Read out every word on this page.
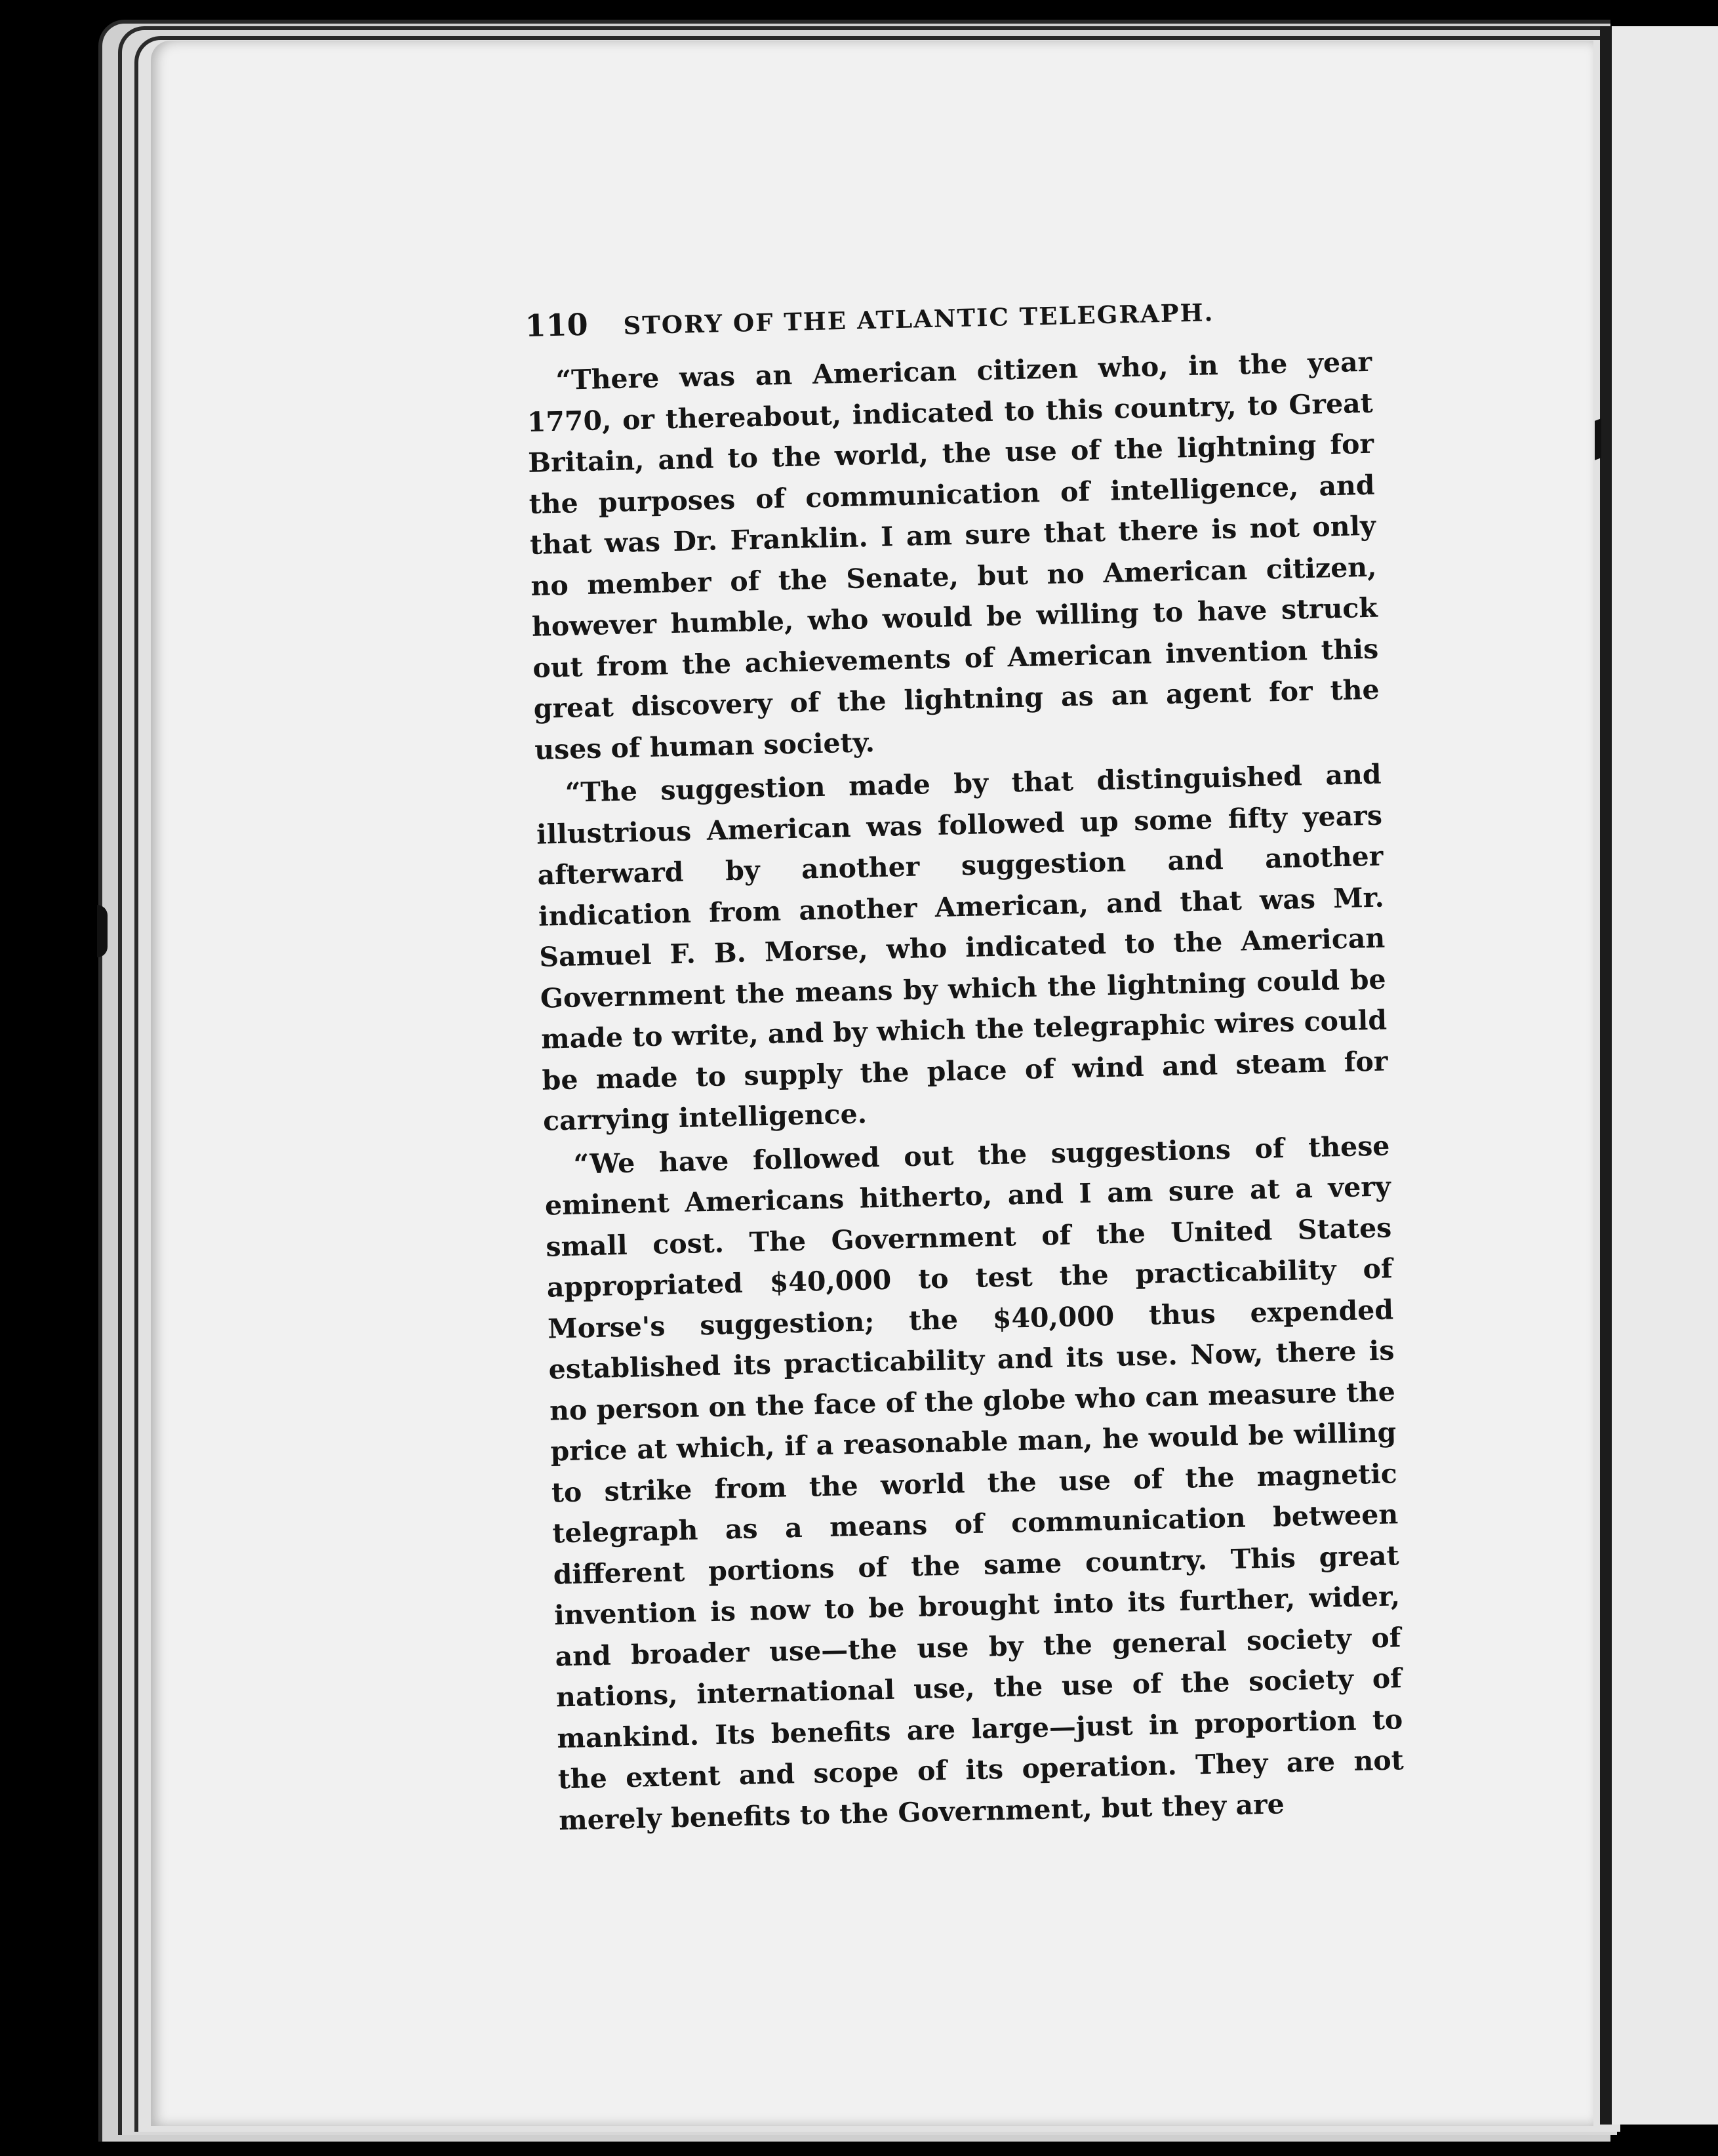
110	STORY OF THE ATLANTIC TELEGRAPH.

“There was an American citizen who, in the year 1770, or thereabout, indicated to this country, to Great Britain, and to the world, the use of the lightning for the purposes of communication of intelligence, and that was Dr. Franklin. I am sure that there is not only no member of the Senate, but no American citizen, however humble, who would be willing to have struck out from the achievements of American invention this great discovery of the lightning as an agent for the uses of human society.

“The suggestion made by that distinguished and illustrious American was followed up some fifty years afterward by another suggestion and another indication from another American, and that was Mr. Samuel F. B. Morse, who indicated to the American Government the means by which the lightning could be made to write, and by which the telegraphic wires could be made to supply the place of wind and steam for carrying intelligence.

“We have followed out the suggestions of these eminent Americans hitherto, and I am sure at a very small cost. The Government of the United States appropriated $40,000 to test the practicability of Morse's suggestion; the $40,000 thus expended established its practicability and its use. Now, there is no person on the face of the globe who can measure the price at which, if a reasonable man, he would be willing to strike from the world the use of the magnetic telegraph as a means of communication between different portions of the same country. This great invention is now to be brought into its further, wider, and broader use—the use by the general society of nations, international use, the use of the society of mankind. Its benefits are large—just in proportion to the extent and scope of its operation. They are not merely benefits to the Government, but they are
